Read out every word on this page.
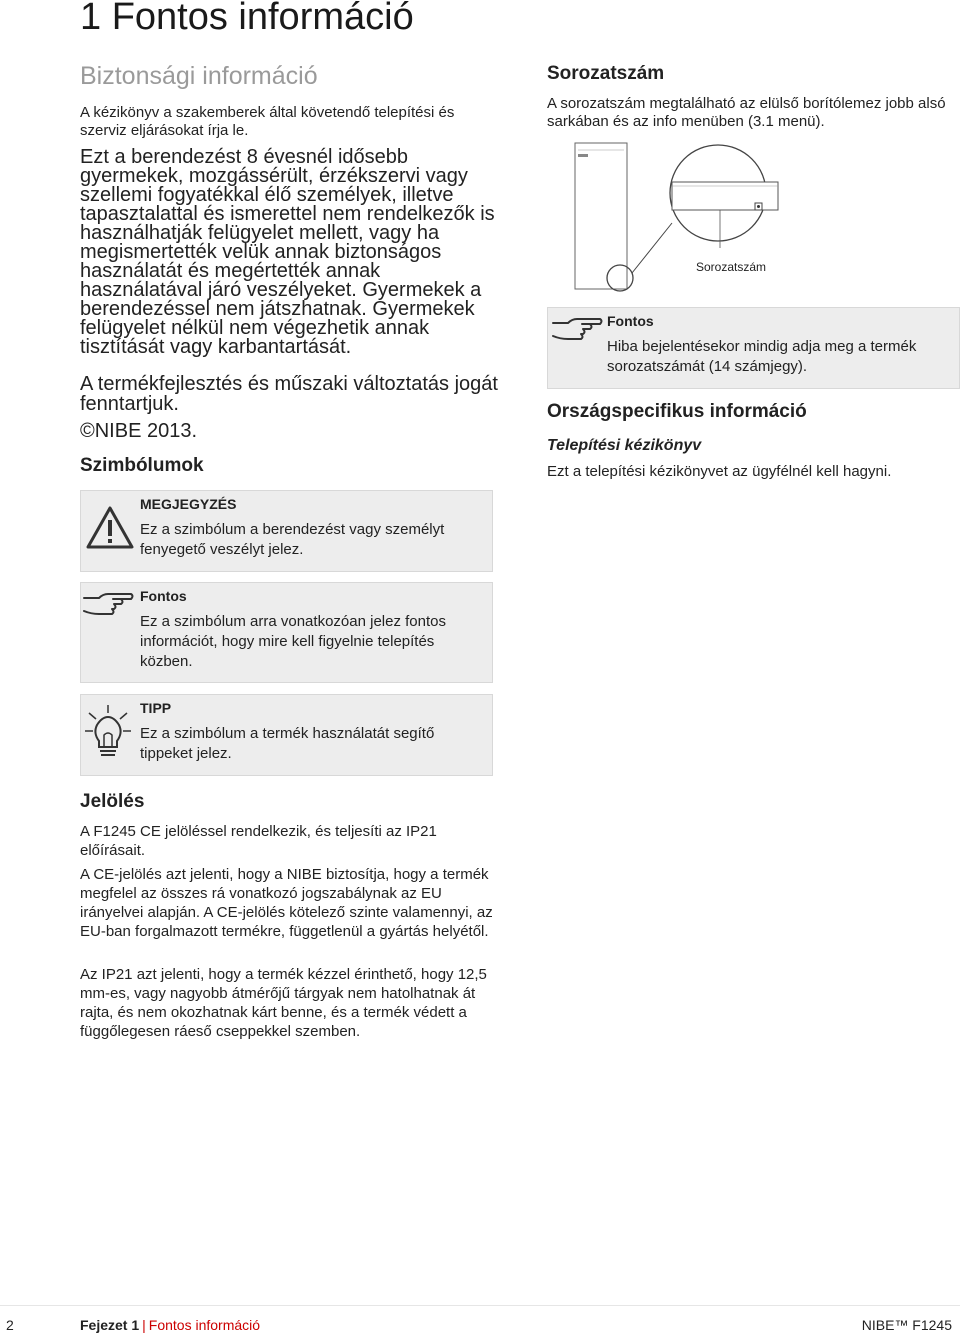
1 Fontos információ
Biztonsági információ
A kézikönyv a szakemberek által követendő telepítési és szerviz eljárásokat írja le.
Ezt a berendezést 8 évesnél idősebb gyermekek, mozgássérült, érzékszervi vagy szellemi fogyatékkal élő személyek, illetve tapasztalattal és ismerettel nem rendelkezők is használhatják felügyelet mellett, vagy ha megismertették velük annak biztonságos használatát és megértették annak használatával járó veszélyeket. Gyermekek a berendezéssel nem játszhatnak. Gyermekek felügyelet nélkül nem végezhetik annak tisztítását vagy karbantartását.
A termékfejlesztés és műszaki változtatás jogát fenntartjuk.
©NIBE 2013.
Szimbólumok
MEGJEGYZÉS
Ez a szimbólum a berendezést vagy személyt fenyegető veszélyt jelez.
Fontos
Ez a szimbólum arra vonatkozóan jelez fontos információt, hogy mire kell figyelnie telepítés közben.
TIPP
Ez a szimbólum a termék használatát segítő tippeket jelez.
Jelölés
A F1245 CE jelöléssel rendelkezik, és teljesíti az IP21 előírásait.
A CE-jelölés azt jelenti, hogy a NIBE biztosítja, hogy a termék megfelel az összes rá vonatkozó jogszabálynak az EU irányelvei alapján. A CE-jelölés kötelező szinte valamennyi, az EU-ban forgalmazott termékre, függetlenül a gyártás helyétől.
Az IP21 azt jelenti, hogy a termék kézzel érinthető, hogy 12,5 mm-es, vagy nagyobb átmérőjű tárgyak nem hatolhatnak át rajta, és nem okozhatnak kárt benne, és a termék védett a függőlegesen ráeső cseppekkel szemben.
Sorozatszám
A sorozatszám megtalálható az elülső borítólemez jobb alsó sarkában és az info menüben (3.1 menü).
Sorozatszám
Fontos
Hiba bejelentésekor mindig adja meg a termék sorozatszámát (14 számjegy).
Országspecifikus információ
Telepítési kézikönyv
Ezt a telepítési kézikönyvet az ügyfélnél kell hagyni.
2	Fejezet 1 | Fontos információ	NIBE™ F1245
